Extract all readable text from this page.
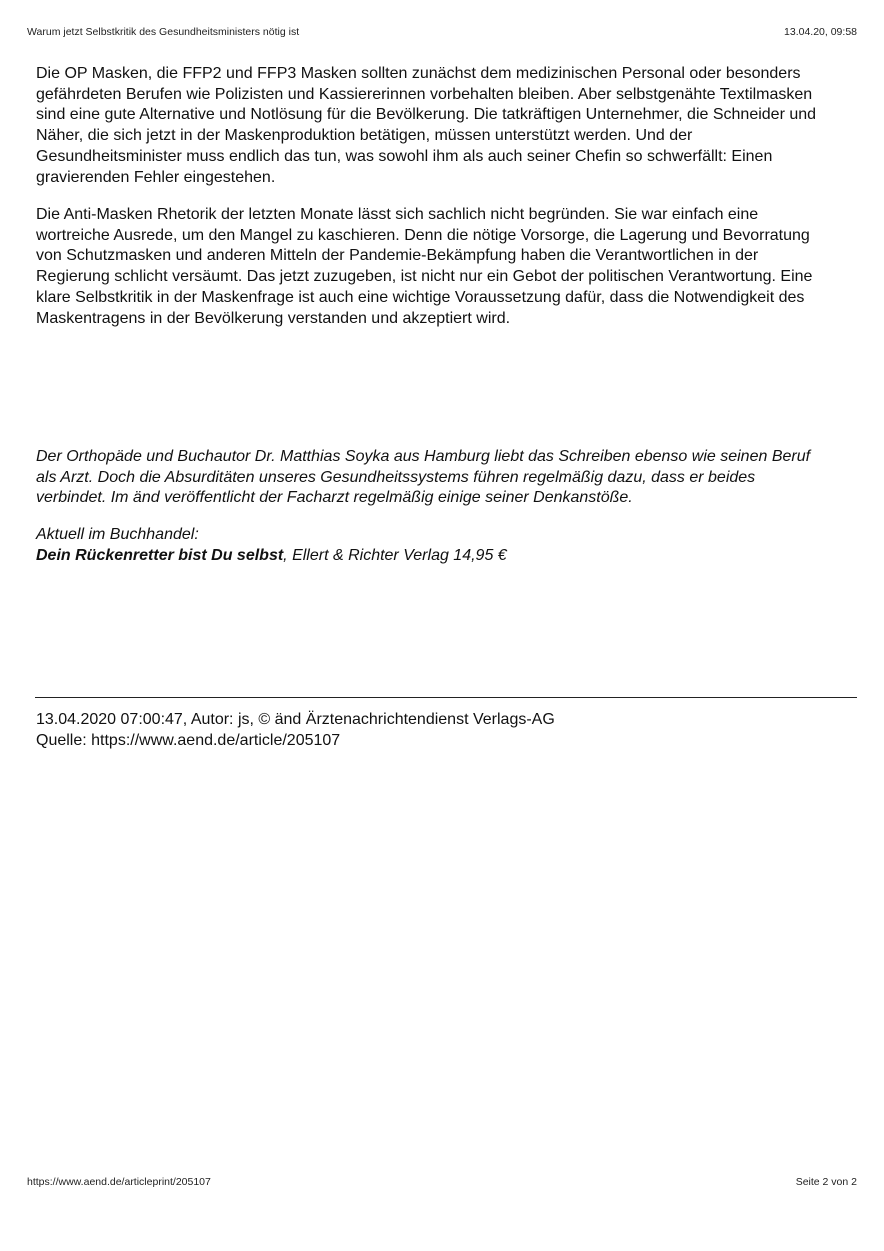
Warum jetzt Selbstkritik des Gesundheitsministers nötig ist	13.04.20, 09:58
Die OP Masken, die FFP2 und FFP3 Masken sollten zunächst dem medizinischen Personal oder besonders
gefährdeten Berufen wie Polizisten und Kassiererinnen vorbehalten bleiben. Aber selbstgenähte Textilmasken
sind eine gute Alternative und Notlösung für die Bevölkerung. Die tatkräftigen Unternehmer, die Schneider und
Näher, die sich jetzt in der Maskenproduktion betätigen, müssen unterstützt werden. Und der
Gesundheitsminister muss endlich das tun, was sowohl ihm als auch seiner Chefin so schwerfällt: Einen
gravierenden Fehler eingestehen.
Die Anti-Masken Rhetorik der letzten Monate lässt sich sachlich nicht begründen. Sie war einfach eine
wortreiche Ausrede, um den Mangel zu kaschieren. Denn die nötige Vorsorge, die Lagerung und Bevorratung
von Schutzmasken und anderen Mitteln der Pandemie-Bekämpfung haben die Verantwortlichen in der
Regierung schlicht versäumt. Das jetzt zuzugeben, ist nicht nur ein Gebot der politischen Verantwortung. Eine
klare Selbstkritik in der Maskenfrage ist auch eine wichtige Voraussetzung dafür, dass die Notwendigkeit des
Maskentragens in der Bevölkerung verstanden und akzeptiert wird.
Der Orthopäde und Buchautor Dr. Matthias Soyka aus Hamburg liebt das Schreiben ebenso wie seinen Beruf
als Arzt. Doch die Absurditäten unseres Gesundheitssystems führen regelmäßig dazu, dass er beides
verbindet. Im änd veröffentlicht der Facharzt regelmäßig einige seiner Denkanstöße.
Aktuell im Buchhandel:
Dein Rückenretter bist Du selbst, Ellert & Richter Verlag 14,95 €
13.04.2020 07:00:47, Autor: js, © änd Ärztenachrichtendienst Verlags-AG
Quelle: https://www.aend.de/article/205107
https://www.aend.de/articleprint/205107	Seite 2 von 2
